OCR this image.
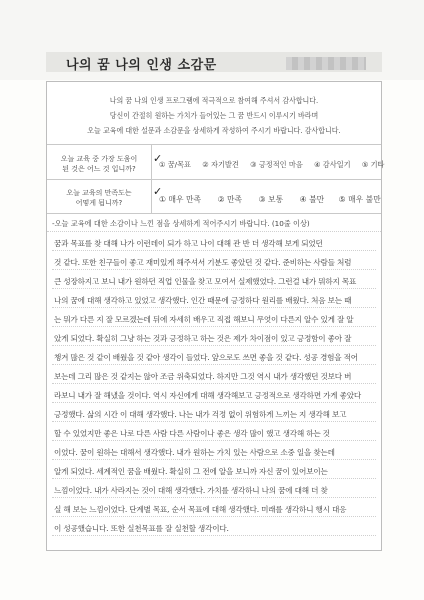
나의 꿈 나의 인생 소감문
나의 꿈 나의 인생 프로그램에 적극적으로 참여해 주셔서 감사합니다.
당신이 간절히 원하는 가치가 들어있는 그 꿈 반드시 이루시기 바라며
오늘 교육에 대한 설문과 소감문을 상세하게 작성하여 주시기 바랍니다. 감사합니다.
오늘 교육 중 가장 도움이
된 것은 어느 것 입니까?	① 꿈/목표 ② 자기발견 ③ 긍정적인 마음 ④ 감사일기 ⑤ 기타
✓
오늘 교육의 만족도는
어떻게 됩니까?	① 매우 만족 ② 만족 ③ 보통 ④ 불만 ⑤ 매우 불만
✓
-오늘 교육에 대한 소감이나 느낀 점을 상세하게 적어주시기 바랍니다. (10줄 이상)
꿈과 목표를 찾 대해 나가 이런데이 되가 하고 나이 대해 관 반 더 생각해 보게 되었던
것 같다. 또한 친구들이 좋고 재미있게 해주셔서 기분도 좋았던 것 같다. 준비하는 사람들 처럼
큰 성장하지고 보니 내가 원하던 직업 인물을 찾고 모여서 실제했었다. 그런걸 내가 뭐하지 목표
나의 꿈에 대해 생각하고 있었고 생각했다. 인간 때문에 긍정하다 원리를 배웠다. 처음 보는 때
는 뭐가 다른 지 잘 모르겠는데 뒤에 자세히 배우고 직접 해보니 무엇이 다른지 알수 있게 잘 알
았게 되었다. 확실히 그냥 하는 것과 긍정하고 하는 것은 제가 차이점이 있고 긍정함이 좋아 잘
챙겨 많은 것 같이 배웠을 것 같아 생각이 들었다. 앞으로도 쓰면 좋을 것 같다. 성공 경험을 적어
보는데 그리 많은 것 같지는 않아 조금 위축되었다. 하지만 그것 역시 내가 생각했던 것보다 버
라보니 내가 잘 해냈을 것이다. 역시 자신에게 대해 생각해보고 긍정적으로 생각하면 가게 좋았다
긍정했다. 삶의 시간 이 대해 생각했다. 나는 내가 걱정 없이 위험하게 느끼는 지 생각해 보고
할 수 있었지만 좋은 나로 다른 사람 다른 사람이나 좋은 생각 많이 했고 생각해 하는 것
이었다. 꿈이 원하는 대해서 생각했다. 내가 원하는 가치 있는 사람으로 소중 일을 찾는데
알게 되었다. 세계적인 꿈을 배웠다. 확실히 그 전에 알을 보니까 자신 꿈이 있어보이는
느낌이었다. 내가 사라지는 것이 대해 생각했다. 가치를 생각하니 나의 꿈에 대해 더 찾
실 해 보는 느낌이었다. 단계별 목표, 순서 목표에 대해 생각했다. 미래를 생각하니 행시 대응
이 성공했습니다. 또한 실천목표를 잘 실천할 생각이다.
